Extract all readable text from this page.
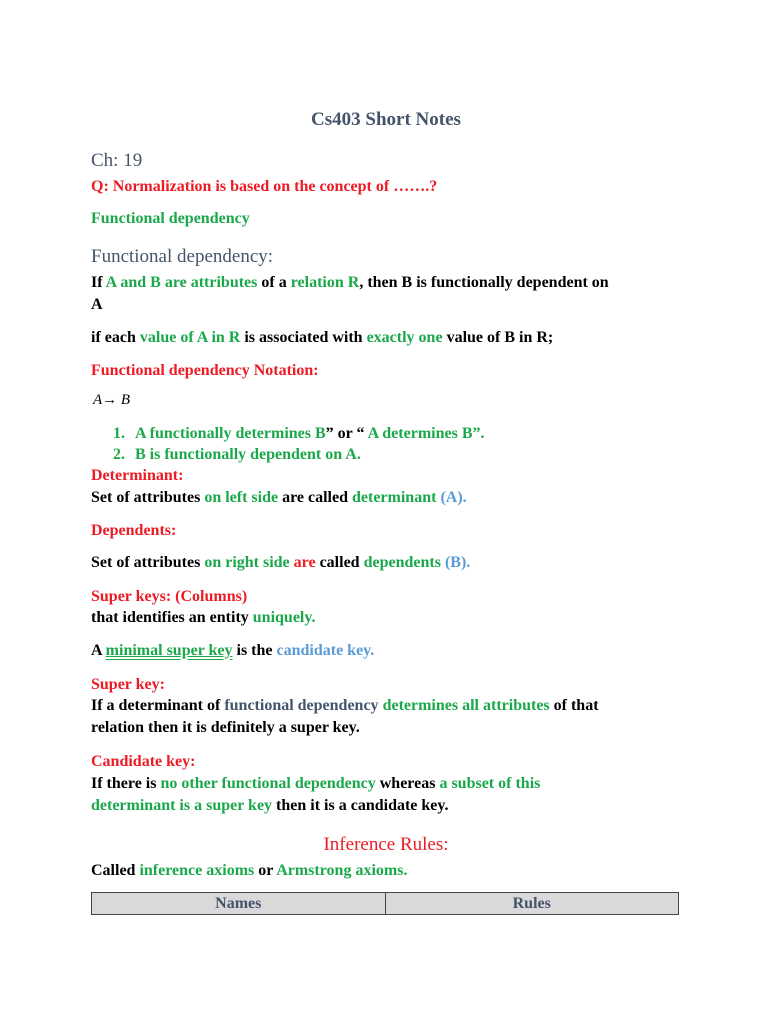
Cs403 Short Notes
Ch: 19
Q: Normalization is based on the concept of …….?
Functional dependency
Functional dependency:
If A and B are attributes of a relation R, then B is functionally dependent on
A
if each value of A in R is associated with exactly one value of B in R;
Functional dependency Notation:
A→ B
1. A functionally determines B” or “ A determines B”.
2. B is functionally dependent on A.
Determinant:
Set of attributes on left side are called determinant (A).
Dependents:
Set of attributes on right side are called dependents (B).
Super keys: (Columns)
that identifies an entity uniquely.
A minimal super key is the candidate key.
Super key:
If a determinant of functional dependency determines all attributes of that
relation then it is definitely a super key.
Candidate key:
If there is no other functional dependency whereas a subset of this
determinant is a super key then it is a candidate key.
Inference Rules:
Called inference axioms or Armstrong axioms.
Names	Rules
